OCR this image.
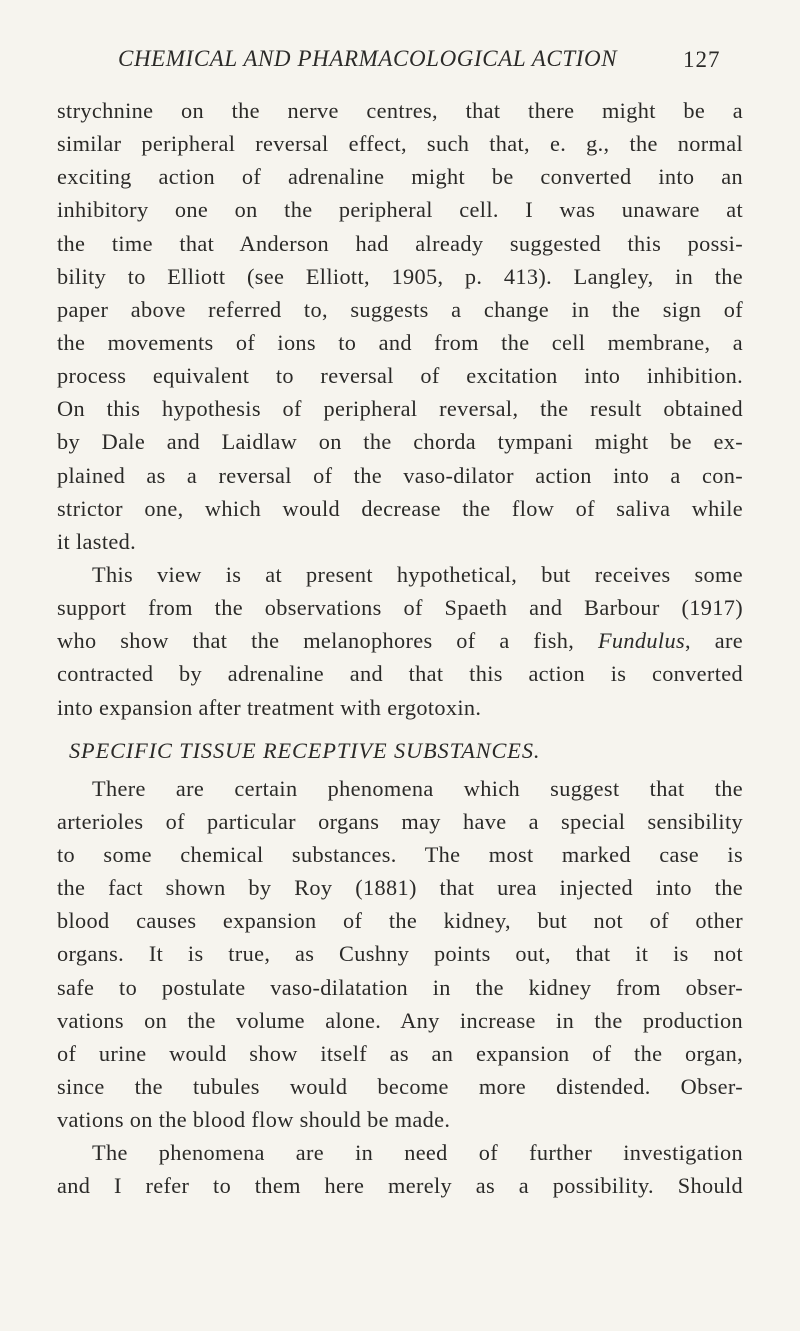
CHEMICAL AND PHARMACOLOGICAL ACTION	127
strychnine on the nerve centres, that there might be a
similar peripheral reversal effect, such that, e. g., the normal
exciting action of adrenaline might be converted into an
inhibitory one on the peripheral cell. I was unaware at
the time that Anderson had already suggested this possi-
bility to Elliott (see Elliott, 1905, p. 413). Langley, in the
paper above referred to, suggests a change in the sign of
the movements of ions to and from the cell membrane, a
process equivalent to reversal of excitation into inhibition.
On this hypothesis of peripheral reversal, the result obtained
by Dale and Laidlaw on the chorda tympani might be ex-
plained as a reversal of the vaso-dilator action into a con-
strictor one, which would decrease the flow of saliva while
it lasted.
This view is at present hypothetical, but receives some
support from the observations of Spaeth and Barbour (1917)
who show that the melanophores of a fish, Fundulus, are
contracted by adrenaline and that this action is converted
into expansion after treatment with ergotoxin.
SPECIFIC TISSUE RECEPTIVE SUBSTANCES.
There are certain phenomena which suggest that the
arterioles of particular organs may have a special sensibility
to some chemical substances. The most marked case is
the fact shown by Roy (1881) that urea injected into the
blood causes expansion of the kidney, but not of other
organs. It is true, as Cushny points out, that it is not
safe to postulate vaso-dilatation in the kidney from obser-
vations on the volume alone. Any increase in the production
of urine would show itself as an expansion of the organ,
since the tubules would become more distended. Obser-
vations on the blood flow should be made.
The phenomena are in need of further investigation
and I refer to them here merely as a possibility. Should
